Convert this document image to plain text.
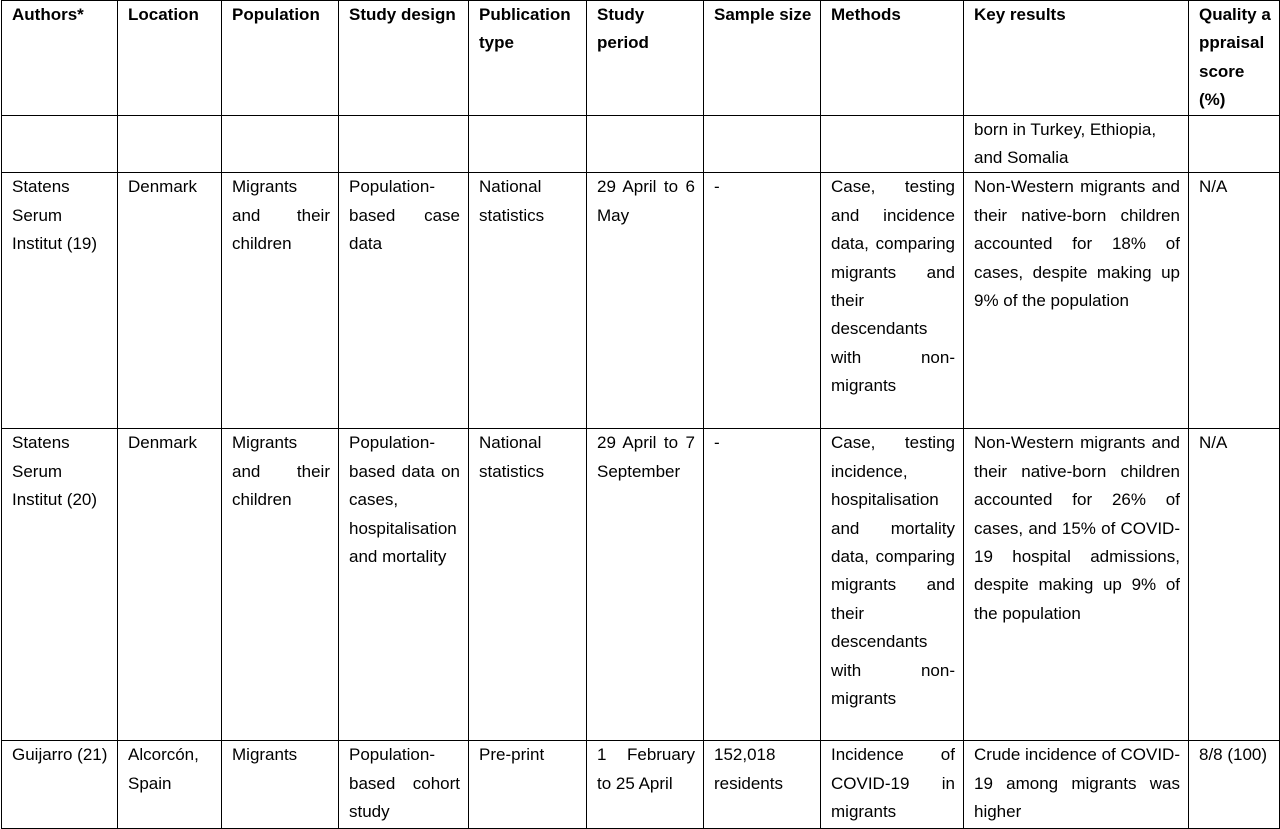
Authors*	Location	Population	Study design	Publication type	Study period	Sample size	Methods	Key results	Quality appraisal score (%)
								born in Turkey, Ethiopia, and Somalia	
Statens Serum Institut (19)	Denmark	Migrants and their children	Population-based case data	National statistics	29 April to 6 May	-	Case, testing and incidence data, comparing migrants and their descendants with non-migrants	Non-Western migrants and their native-born children accounted for 18% of cases, despite making up 9% of the population	N/A
Statens Serum Institut (20)	Denmark	Migrants and their children	Population-based data on cases, hospitalisation and mortality	National statistics	29 April to 7 September	-	Case, testing incidence, hospitalisation and mortality data, comparing migrants and their descendants with non-migrants	Non-Western migrants and their native-born children accounted for 26% of cases, and 15% of COVID-19 hospital admissions, despite making up 9% of the population	N/A
Guijarro (21)	Alcorcón, Spain	Migrants	Population-based cohort study	Pre-print	1 February to 25 April	152,018 residents	Incidence of COVID-19 in migrants	Crude incidence of COVID-19 among migrants was higher	8/8 (100)
